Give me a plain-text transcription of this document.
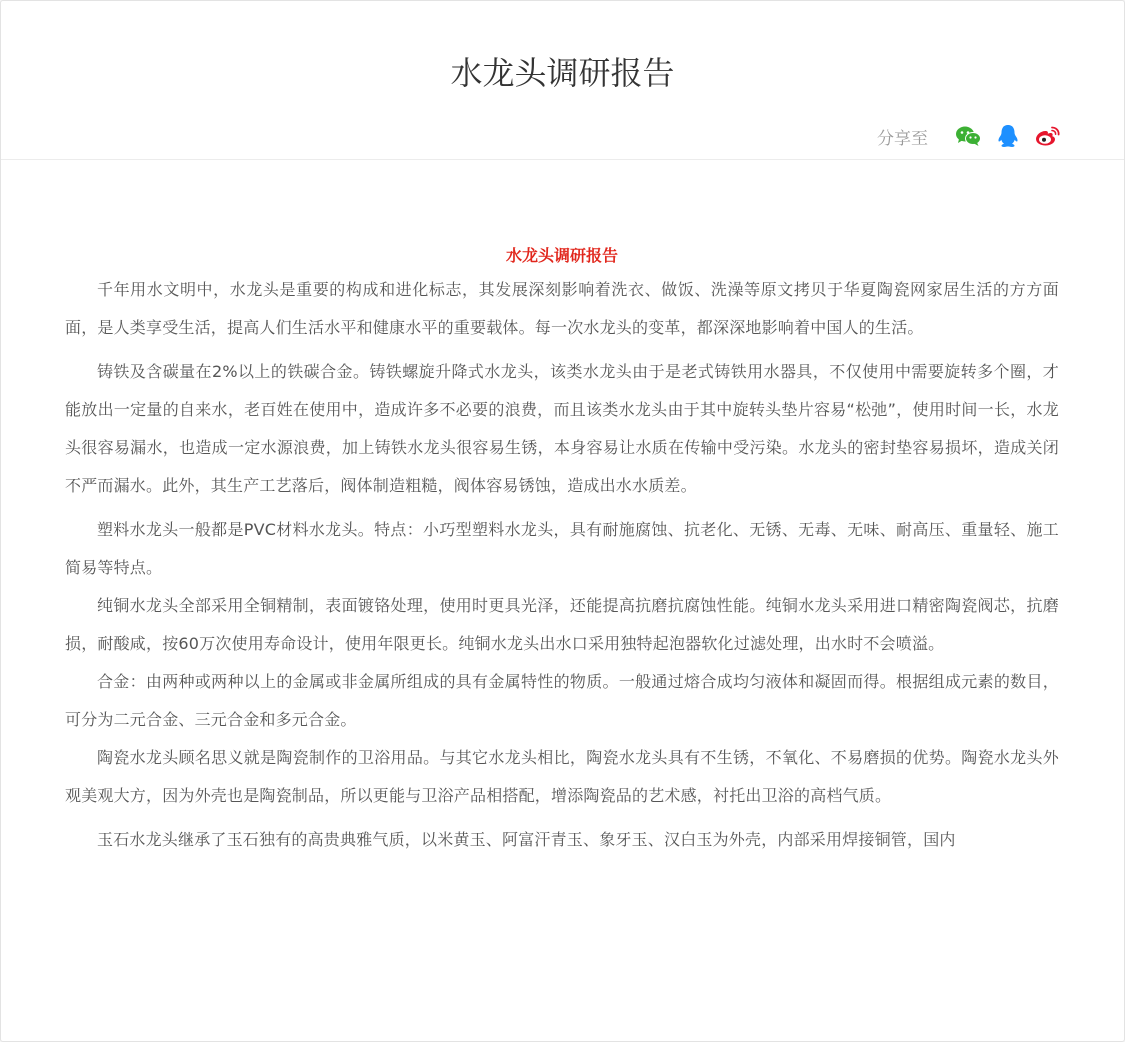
水龙头调研报告
分享至

水龙头调研报告

千年用水文明中，水龙头是重要的构成和进化标志，其发展深刻影响着洗衣、做饭、洗澡等原文拷贝于华夏陶瓷网家居生活的方方面面，是人类享受生活，提高人们生活水平和健康水平的重要载体。每一次水龙头的变革，都深深地影响着中国人的生活。

铸铁及含碳量在2%以上的铁碳合金。铸铁螺旋升降式水龙头，该类水龙头由于是老式铸铁用水器具，不仅使用中需要旋转多个圈，才能放出一定量的自来水，老百姓在使用中，造成许多不必要的浪费，而且该类水龙头由于其中旋转头垫片容易“松弛”，使用时间一长，水龙头很容易漏水，也造成一定水源浪费，加上铸铁水龙头很容易生锈，本身容易让水质在传输中受污染。水龙头的密封垫容易损坏，造成关闭不严而漏水。此外，其生产工艺落后，阀体制造粗糙，阀体容易锈蚀，造成出水水质差。

塑料水龙头一般都是PVC材料水龙头。特点：小巧型塑料水龙头，具有耐施腐蚀、抗老化、无锈、无毒、无味、耐高压、重量轻、施工简易等特点。

纯铜水龙头全部采用全铜精制，表面镀铬处理，使用时更具光泽，还能提高抗磨抗腐蚀性能。纯铜水龙头采用进口精密陶瓷阀芯，抗磨损，耐酸咸，按60万次使用寿命设计，使用年限更长。纯铜水龙头出水口采用独特起泡器软化过滤处理，出水时不会喷溢。

合金：由两种或两种以上的金属或非金属所组成的具有金属特性的物质。一般通过熔合成均匀液体和凝固而得。根据组成元素的数目，可分为二元合金、三元合金和多元合金。

陶瓷水龙头顾名思义就是陶瓷制作的卫浴用品。与其它水龙头相比，陶瓷水龙头具有不生锈，不氧化、不易磨损的优势。陶瓷水龙头外观美观大方，因为外壳也是陶瓷制品，所以更能与卫浴产品相搭配，增添陶瓷品的艺术感，衬托出卫浴的高档气质。

玉石水龙头继承了玉石独有的高贵典雅气质，以米黄玉、阿富汗青玉、象牙玉、汉白玉为外壳，内部采用焊接铜管，国内
